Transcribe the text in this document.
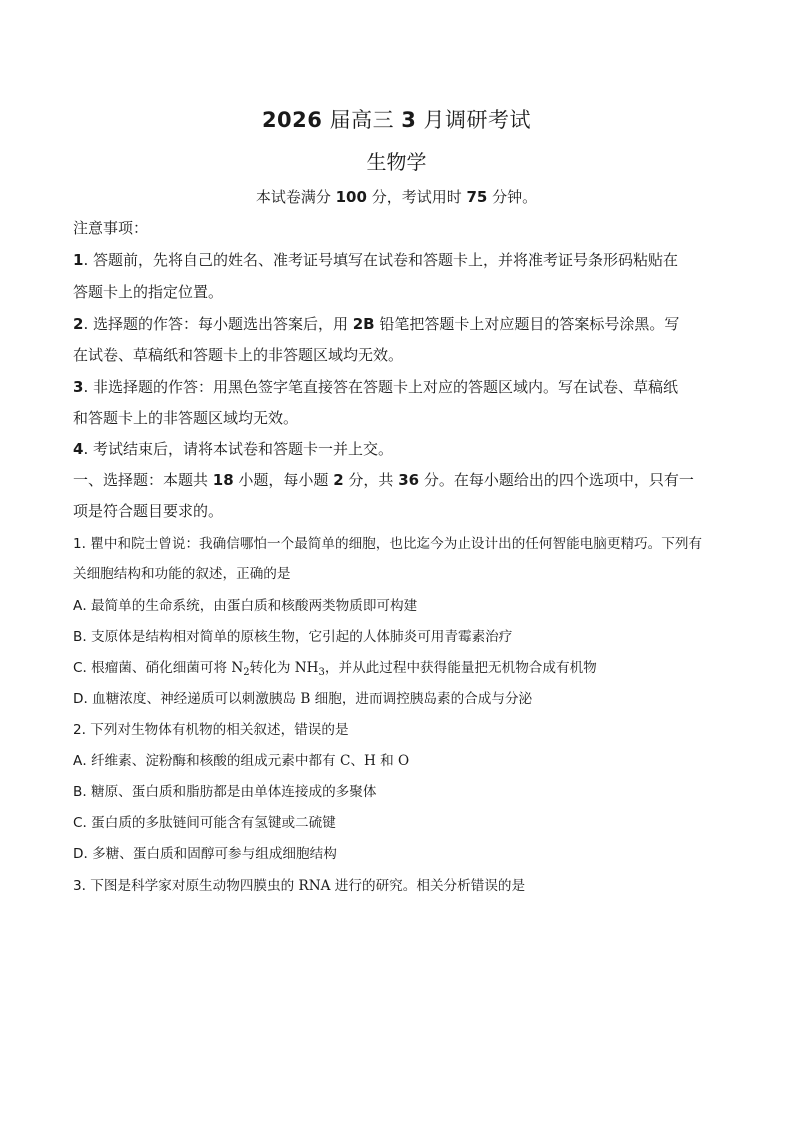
2026 届高三 3 月调研考试
生物学
本试卷满分 100 分，考试用时 75 分钟。
注意事项：
1. 答题前，先将自己的姓名、准考证号填写在试卷和答题卡上，并将准考证号条形码粘贴在
答题卡上的指定位置。
2. 选择题的作答：每小题选出答案后，用 2B 铅笔把答题卡上对应题目的答案标号涂黑。写
在试卷、草稿纸和答题卡上的非答题区域均无效。
3. 非选择题的作答：用黑色签字笔直接答在答题卡上对应的答题区域内。写在试卷、草稿纸
和答题卡上的非答题区域均无效。
4. 考试结束后，请将本试卷和答题卡一并上交。
一、选择题：本题共 18 小题，每小题 2 分，共 36 分。在每小题给出的四个选项中，只有一
项是符合题目要求的。
1. 瞿中和院士曾说：我确信哪怕一个最简单的细胞，也比迄今为止设计出的任何智能电脑更精巧。下列有
关细胞结构和功能的叙述，正确的是
A. 最简单的生命系统，由蛋白质和核酸两类物质即可构建
B. 支原体是结构相对简单的原核生物，它引起的人体肺炎可用青霉素治疗
C. 根瘤菌、硝化细菌可将 $N_2$转化为 $NH_3$，并从此过程中获得能量把无机物合成有机物
D. 血糖浓度、神经递质可以刺激胰岛 B 细胞，进而调控胰岛素的合成与分泌
2. 下列对生物体有机物的相关叙述，错误的是
A. 纤维素、淀粉酶和核酸的组成元素中都有 C、H 和 O
B. 糖原、蛋白质和脂肪都是由单体连接成的多聚体
C. 蛋白质的多肽链间可能含有氢键或二硫键
D. 多糖、蛋白质和固醇可参与组成细胞结构
3. 下图是科学家对原生动物四膜虫的 RNA 进行的研究。相关分析错误的是
